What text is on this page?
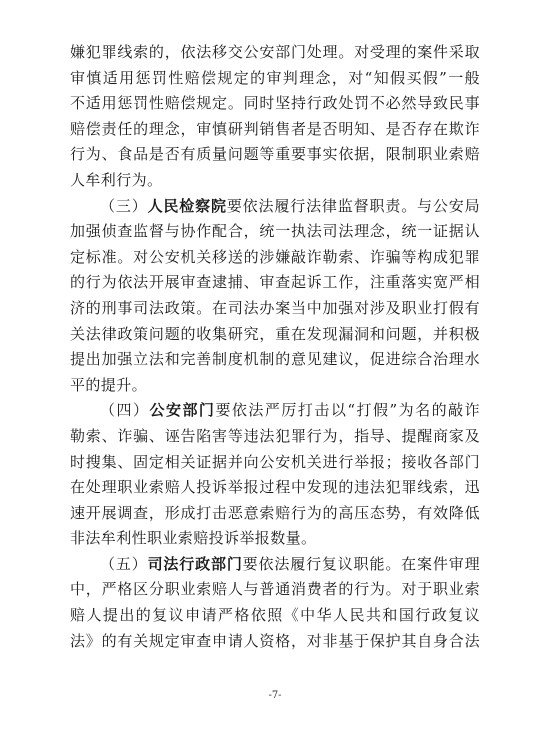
嫌犯罪线索的，依法移交公安部门处理。对受理的案件采取
审慎适用惩罚性赔偿规定的审判理念，对“知假买假”一般
不适用惩罚性赔偿规定。同时坚持行政处罚不必然导致民事
赔偿责任的理念，审慎研判销售者是否明知、是否存在欺诈
行为、食品是否有质量问题等重要事实依据，限制职业索赔
人牟利行为。
（三）人民检察院要依法履行法律监督职责。与公安局
加强侦查监督与协作配合，统一执法司法理念，统一证据认
定标准。对公安机关移送的涉嫌敲诈勒索、诈骗等构成犯罪
的行为依法开展审查逮捕、审查起诉工作，注重落实宽严相
济的刑事司法政策。在司法办案当中加强对涉及职业打假有
关法律政策问题的收集研究，重在发现漏洞和问题，并积极
提出加强立法和完善制度机制的意见建议，促进综合治理水
平的提升。
（四）公安部门要依法严厉打击以“打假”为名的敲诈
勒索、诈骗、诬告陷害等违法犯罪行为，指导、提醒商家及
时搜集、固定相关证据并向公安机关进行举报；接收各部门
在处理职业索赔人投诉举报过程中发现的违法犯罪线索，迅
速开展调查，形成打击恶意索赔行为的高压态势，有效降低
非法牟利性职业索赔投诉举报数量。
（五）司法行政部门要依法履行复议职能。在案件审理
中，严格区分职业索赔人与普通消费者的行为。对于职业索
赔人提出的复议申请严格依照《中华人民共和国行政复议
法》的有关规定审查申请人资格，对非基于保护其自身合法
-7-
